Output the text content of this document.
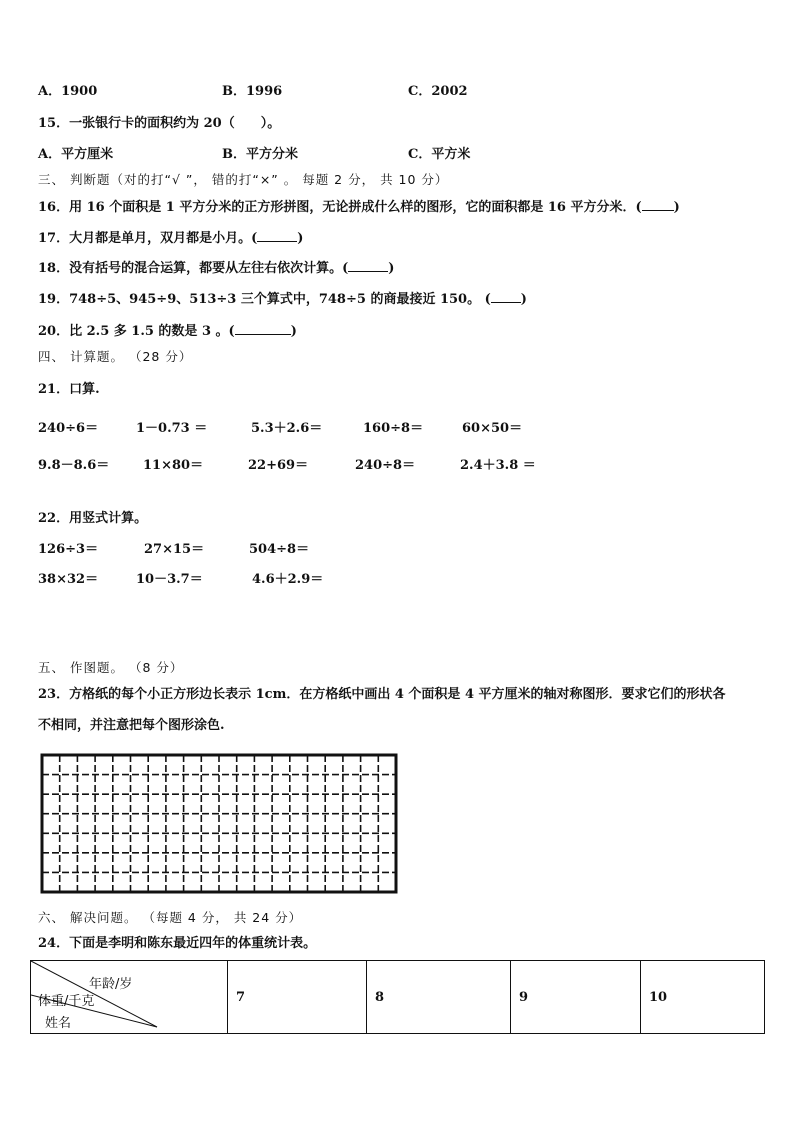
A．1900	B．1996	C．2002
15．一张银行卡的面积约为 20（　　）。
A．平方厘米	B．平方分米	C．平方米
三、 判断题（对的打“√ ”， 错的打“×” 。 每题 2 分， 共 10 分）
16．用 16 个面积是 1 平方分米的正方形拼图，无论拼成什么样的图形，它的面积都是 16 平方分米．( )
17．大月都是单月，双月都是小月。(	)
18．没有括号的混合运算，都要从左往右依次计算。(	)
19．748÷5、945÷9、513÷3 三个算式中，748÷5 的商最接近 150。 ( )
20．比 2.5 多 1.5 的数是 3 。(	)
四、 计算题。 （28 分）
21．口算.
240÷6＝	1－0.73 ＝	5.3＋2.6＝	160÷8＝	60×50＝
9.8－8.6＝	11×80＝	22+69＝	240÷8＝	2.4＋3.8 ＝
22．用竖式计算。
126÷3＝	27×15＝	504÷8＝
38×32＝	10－3.7＝	4.6＋2.9＝
五、 作图题。 （8 分）
23．方格纸的每个小正方形边长表示 1cm．在方格纸中画出 4 个面积是 4 平方厘米的轴对称图形．要求它们的形状各
不相同，并注意把每个图形涂色.
六、 解决问题。 （每题 4 分， 共 24 分）
24．下面是李明和陈东最近四年的体重统计表。
年龄/岁
体重/千克
姓名
	7	8	9	10
